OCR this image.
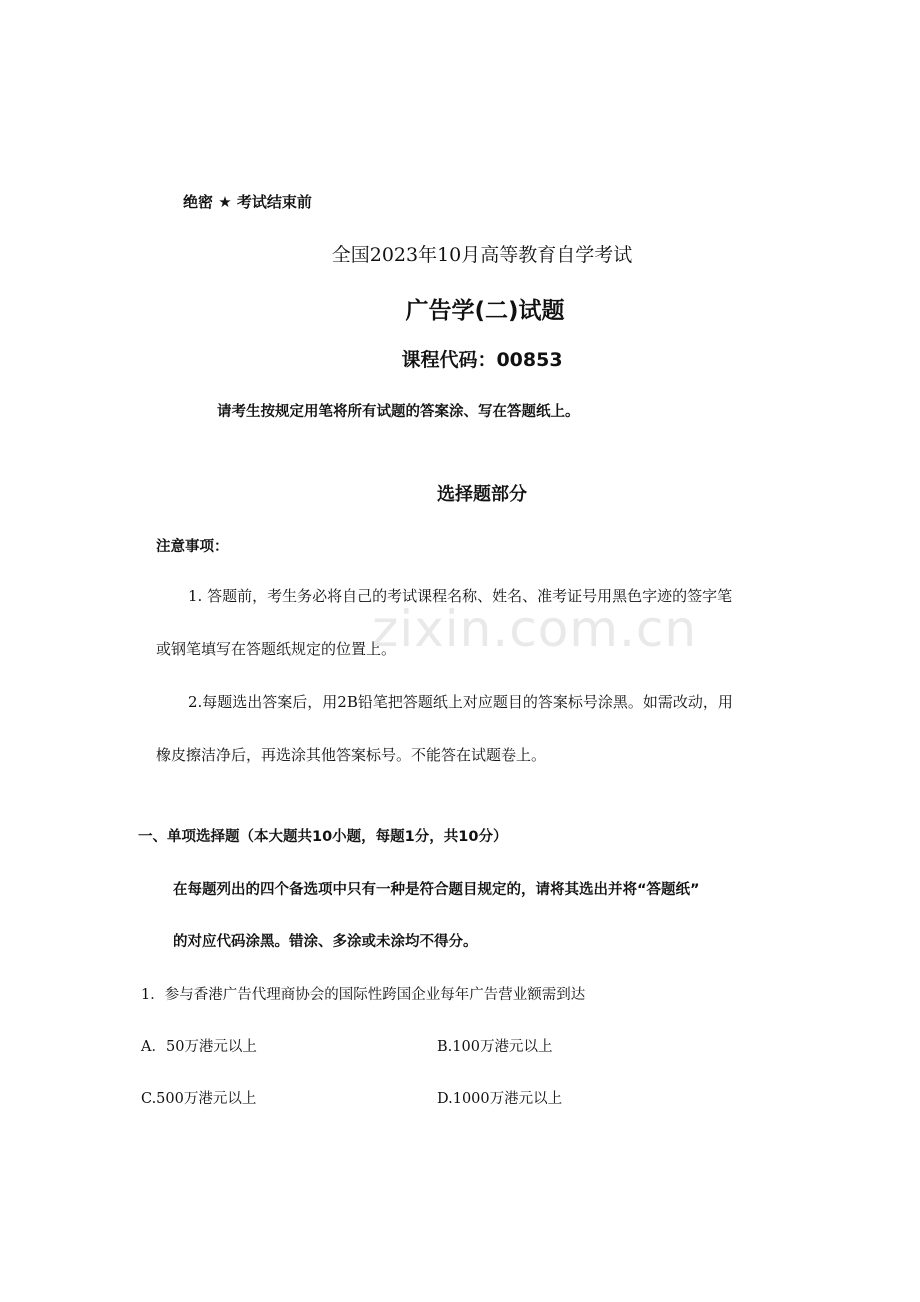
zixin.com.cn
绝密 ★ 考试结束前
全国2023年10月高等教育自学考试
广告学(二)试题
课程代码：00853
请考生按规定用笔将所有试题的答案涂、写在答题纸上。
选择题部分
注意事项：
1. 答题前，考生务必将自己的考试课程名称、姓名、准考证号用黑色字迹的签字笔
或钢笔填写在答题纸规定的位置上。
2.每题选出答案后，用2B铅笔把答题纸上对应题目的答案标号涂黑。如需改动，用
橡皮擦洁净后，再选涂其他答案标号。不能答在试题卷上。
一、单项选择题（本大题共10小题，每题1分，共10分）
在每题列出的四个备选项中只有一种是符合题目规定的，请将其选出并将“答题纸”
的对应代码涂黑。错涂、多涂或未涂均不得分。
1．参与香港广告代理商协会的国际性跨国企业每年广告营业额需到达
A．50万港元以上	B.100万港元以上
C.500万港元以上	D.1000万港元以上
